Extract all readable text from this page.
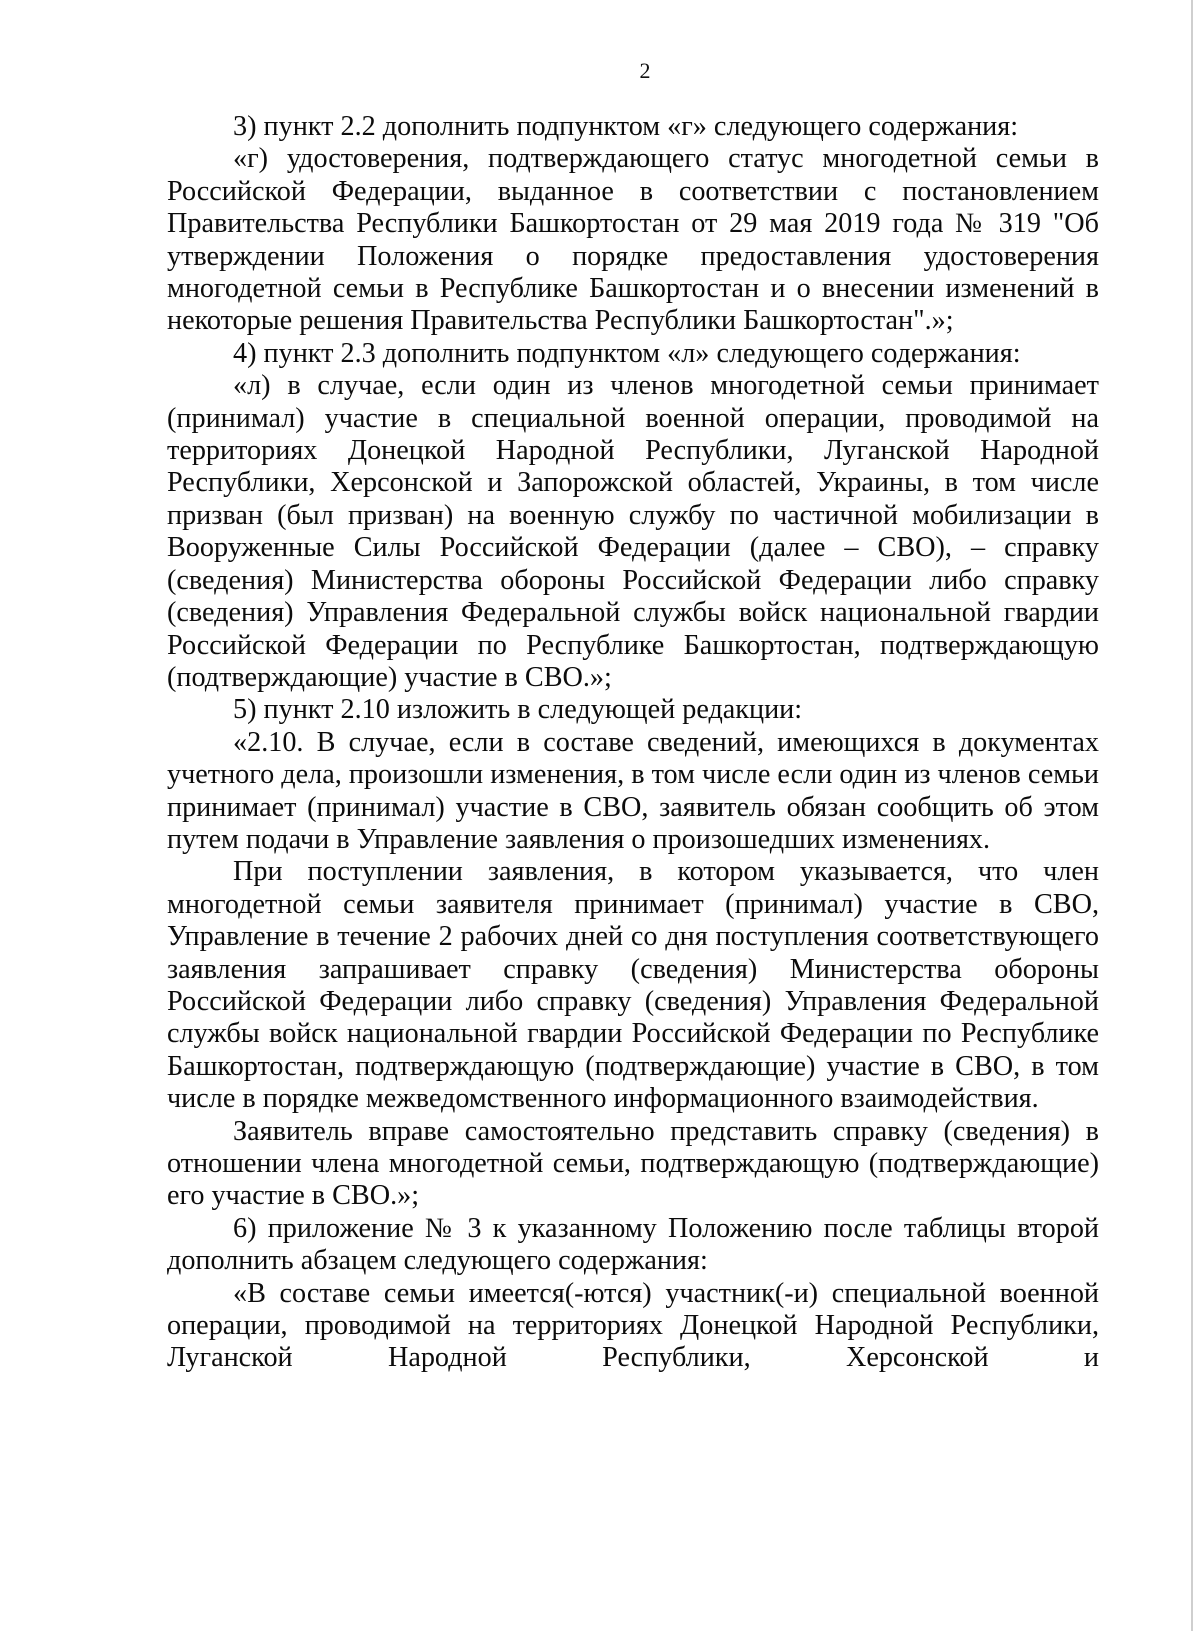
2

3) пункт 2.2 дополнить подпунктом «г» следующего содержания:

«г) удостоверения, подтверждающего статус многодетной семьи в Российской Федерации, выданное в соответствии с постановлением Правительства Республики Башкортостан от 29 мая 2019 года № 319 "Об утверждении Положения о порядке предоставления удостоверения многодетной семьи в Республике Башкортостан и о внесении изменений в некоторые решения Правительства Республики Башкортостан".»;

4) пункт 2.3 дополнить подпунктом «л» следующего содержания:

«л) в случае, если один из членов многодетной семьи принимает (принимал) участие в специальной военной операции, проводимой на территориях Донецкой Народной Республики, Луганской Народной Республики, Херсонской и Запорожской областей, Украины, в том числе призван (был призван) на военную службу по частичной мобилизации в Вооруженные Силы Российской Федерации (далее – СВО), – справку (сведения) Министерства обороны Российской Федерации либо справку (сведения) Управления Федеральной службы войск национальной гвардии Российской Федерации по Республике Башкортостан, подтверждающую (подтверждающие) участие в СВО.»;

5) пункт 2.10 изложить в следующей редакции:

«2.10. В случае, если в составе сведений, имеющихся в документах учетного дела, произошли изменения, в том числе если один из членов семьи принимает (принимал) участие в СВО, заявитель обязан сообщить об этом путем подачи в Управление заявления о произошедших изменениях.

При поступлении заявления, в котором указывается, что член многодетной семьи заявителя принимает (принимал) участие в СВО, Управление в течение 2 рабочих дней со дня поступления соответствующего заявления запрашивает справку (сведения) Министерства обороны Российской Федерации либо справку (сведения) Управления Федеральной службы войск национальной гвардии Российской Федерации по Республике Башкортостан, подтверждающую (подтверждающие) участие в СВО, в том числе в порядке межведомственного информационного взаимодействия.

Заявитель вправе самостоятельно представить справку (сведения) в отношении члена многодетной семьи, подтверждающую (подтверждающие) его участие в СВО.»;

6) приложение № 3 к указанному Положению после таблицы второй дополнить абзацем следующего содержания:

«В составе семьи имеется(-ются) участник(-и) специальной военной операции, проводимой на территориях Донецкой Народной Республики, Луганской Народной Республики, Херсонской и
